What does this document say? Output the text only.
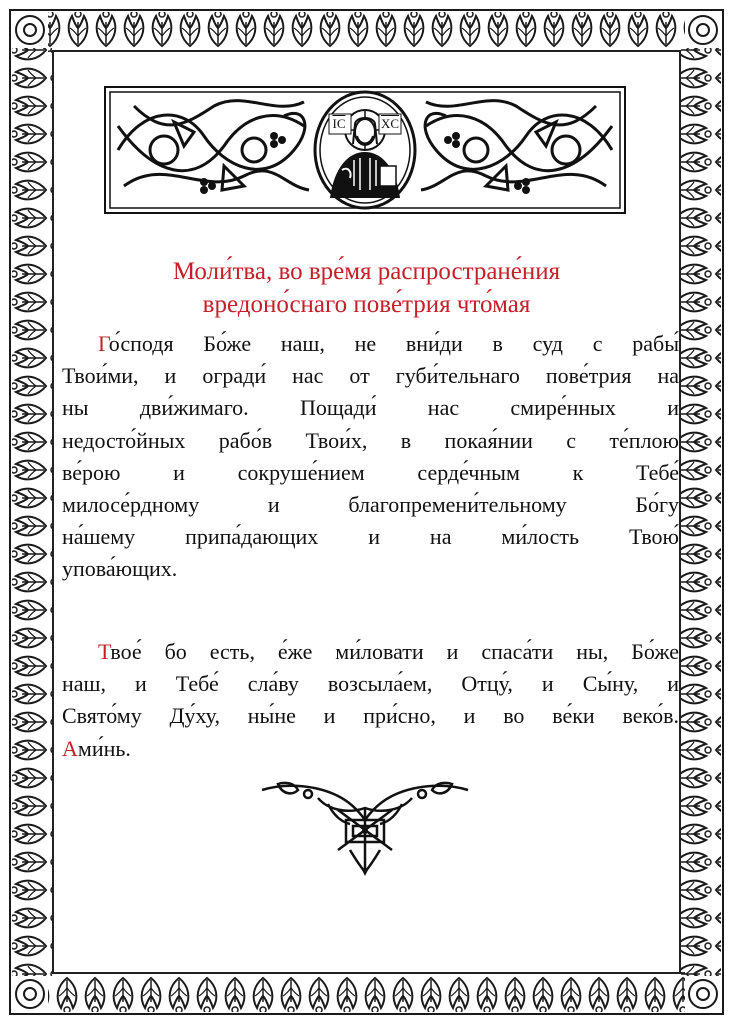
$\overline{IC}$	$\overline{XC}$
Моли́тва, во вре́мя распростране́ния
вредоно́снаго пове́трия что́мая
Го́сподя Бо́же наш, не вни́ди в суд с рабы́
Твои́ми, и огради́ нас от губи́тельнаго пове́трия на
ны дви́жимаго. Пощади́ нас смире́нных и
недосто́йных рабо́в Твои́х, в покая́нии с те́плою
ве́рою и сокруше́нием серде́чным к Тебе́
милосе́рдному и благопремени́тельному Бо́гу
на́шему припа́дающих и на ми́лость Твою́
упова́ющих.
Твое́ бо есть, е́же ми́ловати и спаса́ти ны, Бо́же
наш, и Тебе́ сла́ву возсыла́ем, Отцу́, и Сы́ну, и
Свято́му Ду́ху, ны́не и при́сно, и во ве́ки веко́в.
Ами́нь.
